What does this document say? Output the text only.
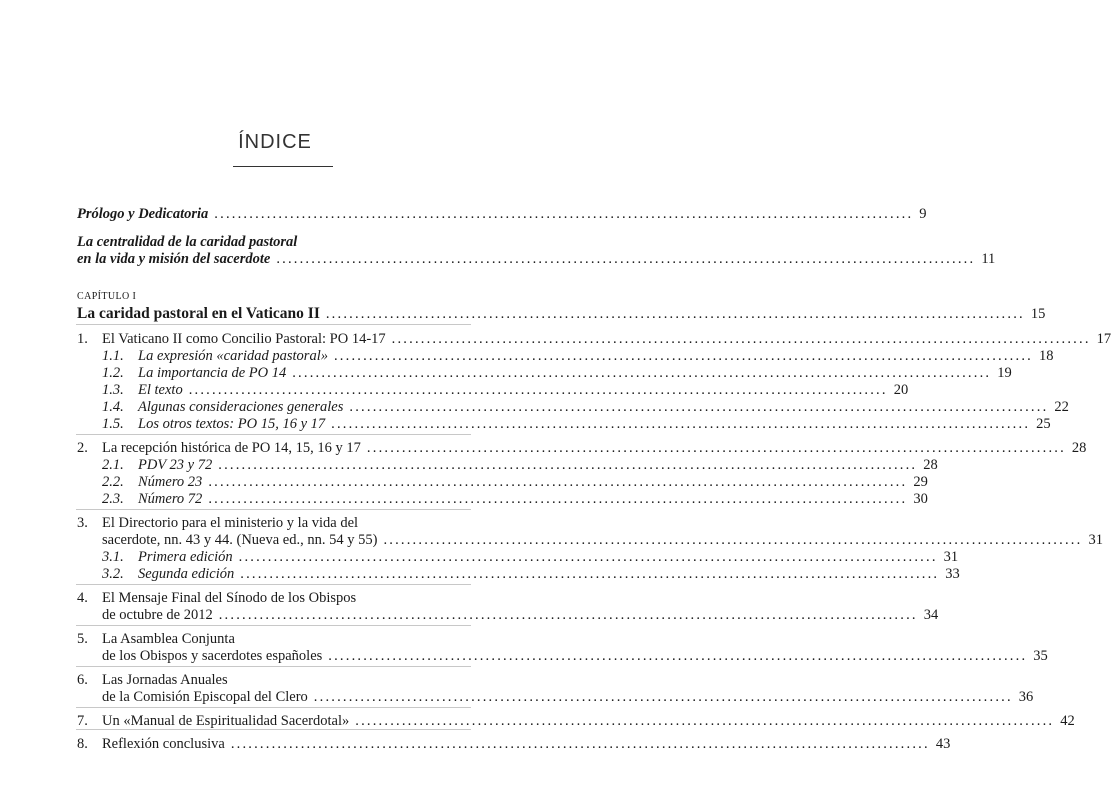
ÍNDICE
Prólogo y Dedicatoria ........................................................................................................................ 9
La centralidad de la caridad pastoral
en la vida y misión del sacerdote ........................................................................................................................ 11
CAPÍTULO I
La caridad pastoral en el Vaticano II ........................................................................................................................ 15
1. El Vaticano II como Concilio Pastoral: PO 14-17 ........................................................................................................................ 17
1.1. La expresión «caridad pastoral» ........................................................................................................................ 18
1.2. La importancia de PO 14 ........................................................................................................................ 19
1.3. El texto ........................................................................................................................ 20
1.4. Algunas consideraciones generales ........................................................................................................................ 22
1.5. Los otros textos: PO 15, 16 y 17 ........................................................................................................................ 25
2. La recepción histórica de PO 14, 15, 16 y 17 ........................................................................................................................ 28
2.1. PDV 23 y 72 ........................................................................................................................ 28
2.2. Número 23 ........................................................................................................................ 29
2.3. Número 72 ........................................................................................................................ 30
3. El Directorio para el ministerio y la vida del
sacerdote, nn. 43 y 44. (Nueva ed., nn. 54 y 55) ........................................................................................................................ 31
3.1. Primera edición ........................................................................................................................ 31
3.2. Segunda edición ........................................................................................................................ 33
4. El Mensaje Final del Sínodo de los Obispos
de octubre de 2012 ........................................................................................................................ 34
5. La Asamblea Conjunta
de los Obispos y sacerdotes españoles ........................................................................................................................ 35
6. Las Jornadas Anuales
de la Comisión Episcopal del Clero ........................................................................................................................ 36
7. Un «Manual de Espiritualidad Sacerdotal» ........................................................................................................................ 42
8. Reflexión conclusiva ........................................................................................................................ 43
